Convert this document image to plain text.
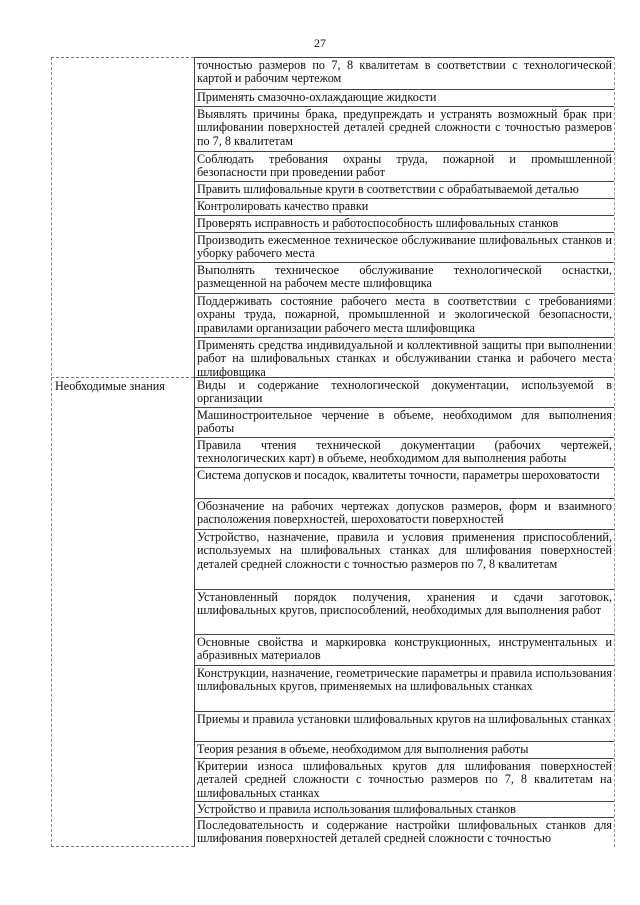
27
Необходимые знания
точностью размеров по 7, 8 квалитетам в соответствии с технологической картой и рабочим чертежом
Применять смазочно-охлаждающие жидкости
Выявлять причины брака, предупреждать и устранять возможный брак при шлифовании поверхностей деталей средней сложности с точностью размеров по 7, 8 квалитетам
Соблюдать требования охраны труда, пожарной и промышленной безопасности при проведении работ
Править шлифовальные круги в соответствии с обрабатываемой деталью
Контролировать качество правки
Проверять исправность и работоспособность шлифовальных станков
Производить ежесменное техническое обслуживание шлифовальных станков и уборку рабочего места
Выполнять техническое обслуживание технологической оснастки, размещенной на рабочем месте шлифовщика
Поддерживать состояние рабочего места в соответствии с требованиями охраны труда, пожарной, промышленной и экологической безопасности, правилами организации рабочего места шлифовщика
Применять средства индивидуальной и коллективной защиты при выполнении работ на шлифовальных станках и обслуживании станка и рабочего места шлифовщика
Виды и содержание технологической документации, используемой в организации
Машиностроительное черчение в объеме, необходимом для выполнения работы
Правила чтения технической документации (рабочих чертежей, технологических карт) в объеме, необходимом для выполнения работы
Система допусков и посадок, квалитеты точности, параметры шероховатости
Обозначение на рабочих чертежах допусков размеров, форм и взаимного расположения поверхностей, шероховатости поверхностей
Устройство, назначение, правила и условия применения приспособлений, используемых на шлифовальных станках для шлифования поверхностей деталей средней сложности с точностью размеров по 7, 8 квалитетам
Установленный порядок получения, хранения и сдачи заготовок, шлифовальных кругов, приспособлений, необходимых для выполнения работ
Основные свойства и маркировка конструкционных, инструментальных и абразивных материалов
Конструкции, назначение, геометрические параметры и правила использования шлифовальных кругов, применяемых на шлифовальных станках
Приемы и правила установки шлифовальных кругов на шлифовальных станках
Теория резания в объеме, необходимом для выполнения работы
Критерии износа шлифовальных кругов для шлифования поверхностей деталей средней сложности с точностью размеров по 7, 8 квалитетам на шлифовальных станках
Устройство и правила использования шлифовальных станков
Последовательность и содержание настройки шлифовальных станков для шлифования поверхностей деталей средней сложности с точностью
